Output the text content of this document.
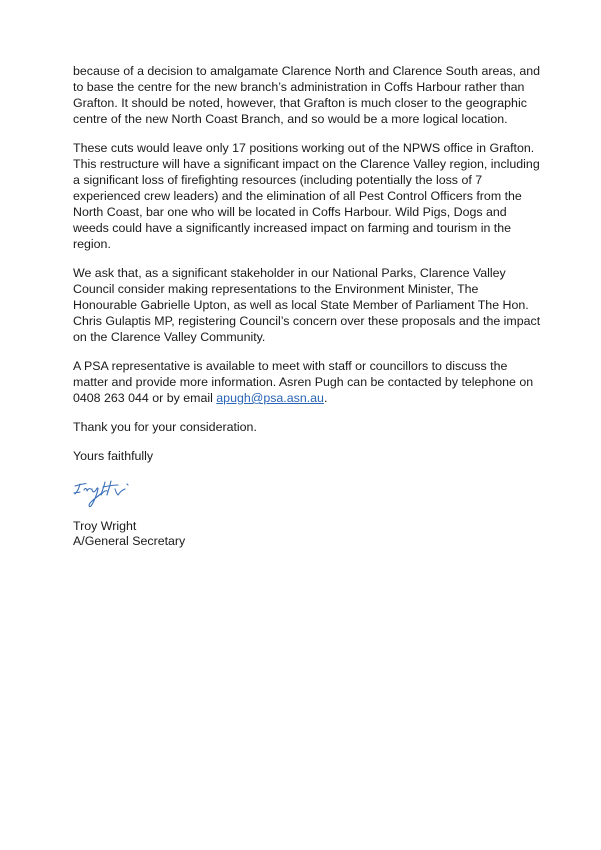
because of a decision to amalgamate Clarence North and Clarence South areas, and to base the centre for the new branch’s administration in Coffs Harbour rather than Grafton. It should be noted, however, that Grafton is much closer to the geographic centre of the new North Coast Branch, and so would be a more logical location.

These cuts would leave only 17 positions working out of the NPWS office in Grafton. This restructure will have a significant impact on the Clarence Valley region, including a significant loss of firefighting resources (including potentially the loss of 7 experienced crew leaders) and the elimination of all Pest Control Officers from the North Coast, bar one who will be located in Coffs Harbour. Wild Pigs, Dogs and weeds could have a significantly increased impact on farming and tourism in the region.

We ask that, as a significant stakeholder in our National Parks, Clarence Valley Council consider making representations to the Environment Minister, The Honourable Gabrielle Upton, as well as local State Member of Parliament The Hon. Chris Gulaptis MP, registering Council’s concern over these proposals and the impact on the Clarence Valley Community.

A PSA representative is available to meet with staff or councillors to discuss the matter and provide more information. Asren Pugh can be contacted by telephone on 0408 263 044 or by email apugh@psa.asn.au.

Thank you for your consideration.

Yours faithfully

Troy Wright
A/General Secretary
